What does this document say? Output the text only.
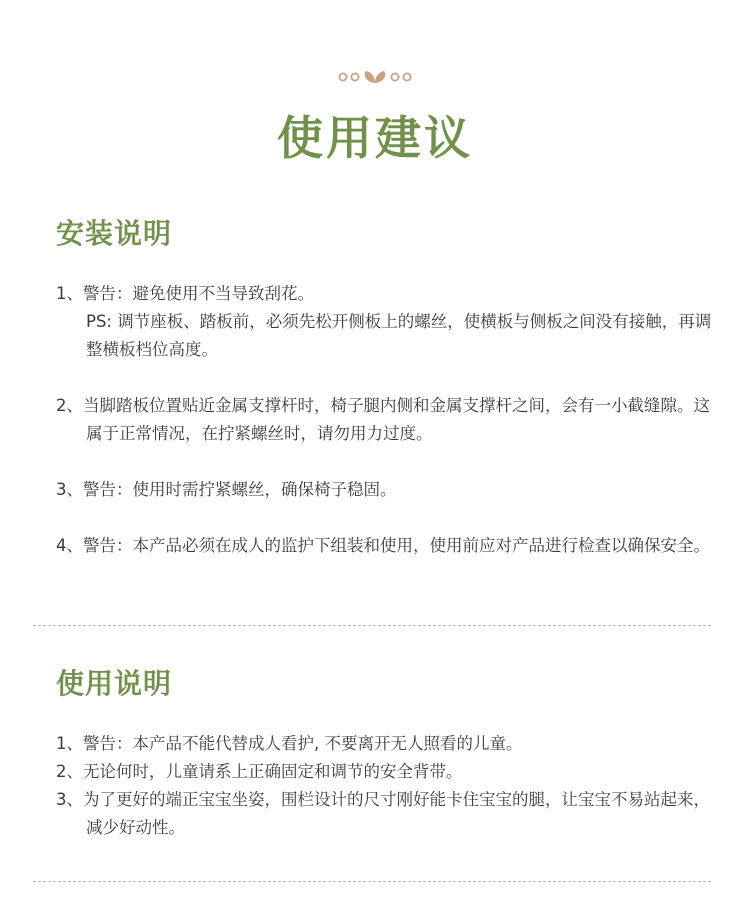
使用建议
安装说明
1、警告：避免使用不当导致刮花。
PS: 调节座板、踏板前，必须先松开侧板上的螺丝，使横板与侧板之间没有接触，再调整横板档位高度。
2、当脚踏板位置贴近金属支撑杆时，椅子腿内侧和金属支撑杆之间，会有一小截缝隙。这属于正常情况，在拧紧螺丝时，请勿用力过度。
3、警告：使用时需拧紧螺丝，确保椅子稳固。
4、警告：本产品必须在成人的监护下组装和使用，使用前应对产品进行检查以确保安全。
使用说明
1、警告：本产品不能代替成人看护, 不要离开无人照看的儿童。
2、无论何时，儿童请系上正确固定和调节的安全背带。
3、为了更好的端正宝宝坐姿，围栏设计的尺寸刚好能卡住宝宝的腿，让宝宝不易站起来，减少好动性。
